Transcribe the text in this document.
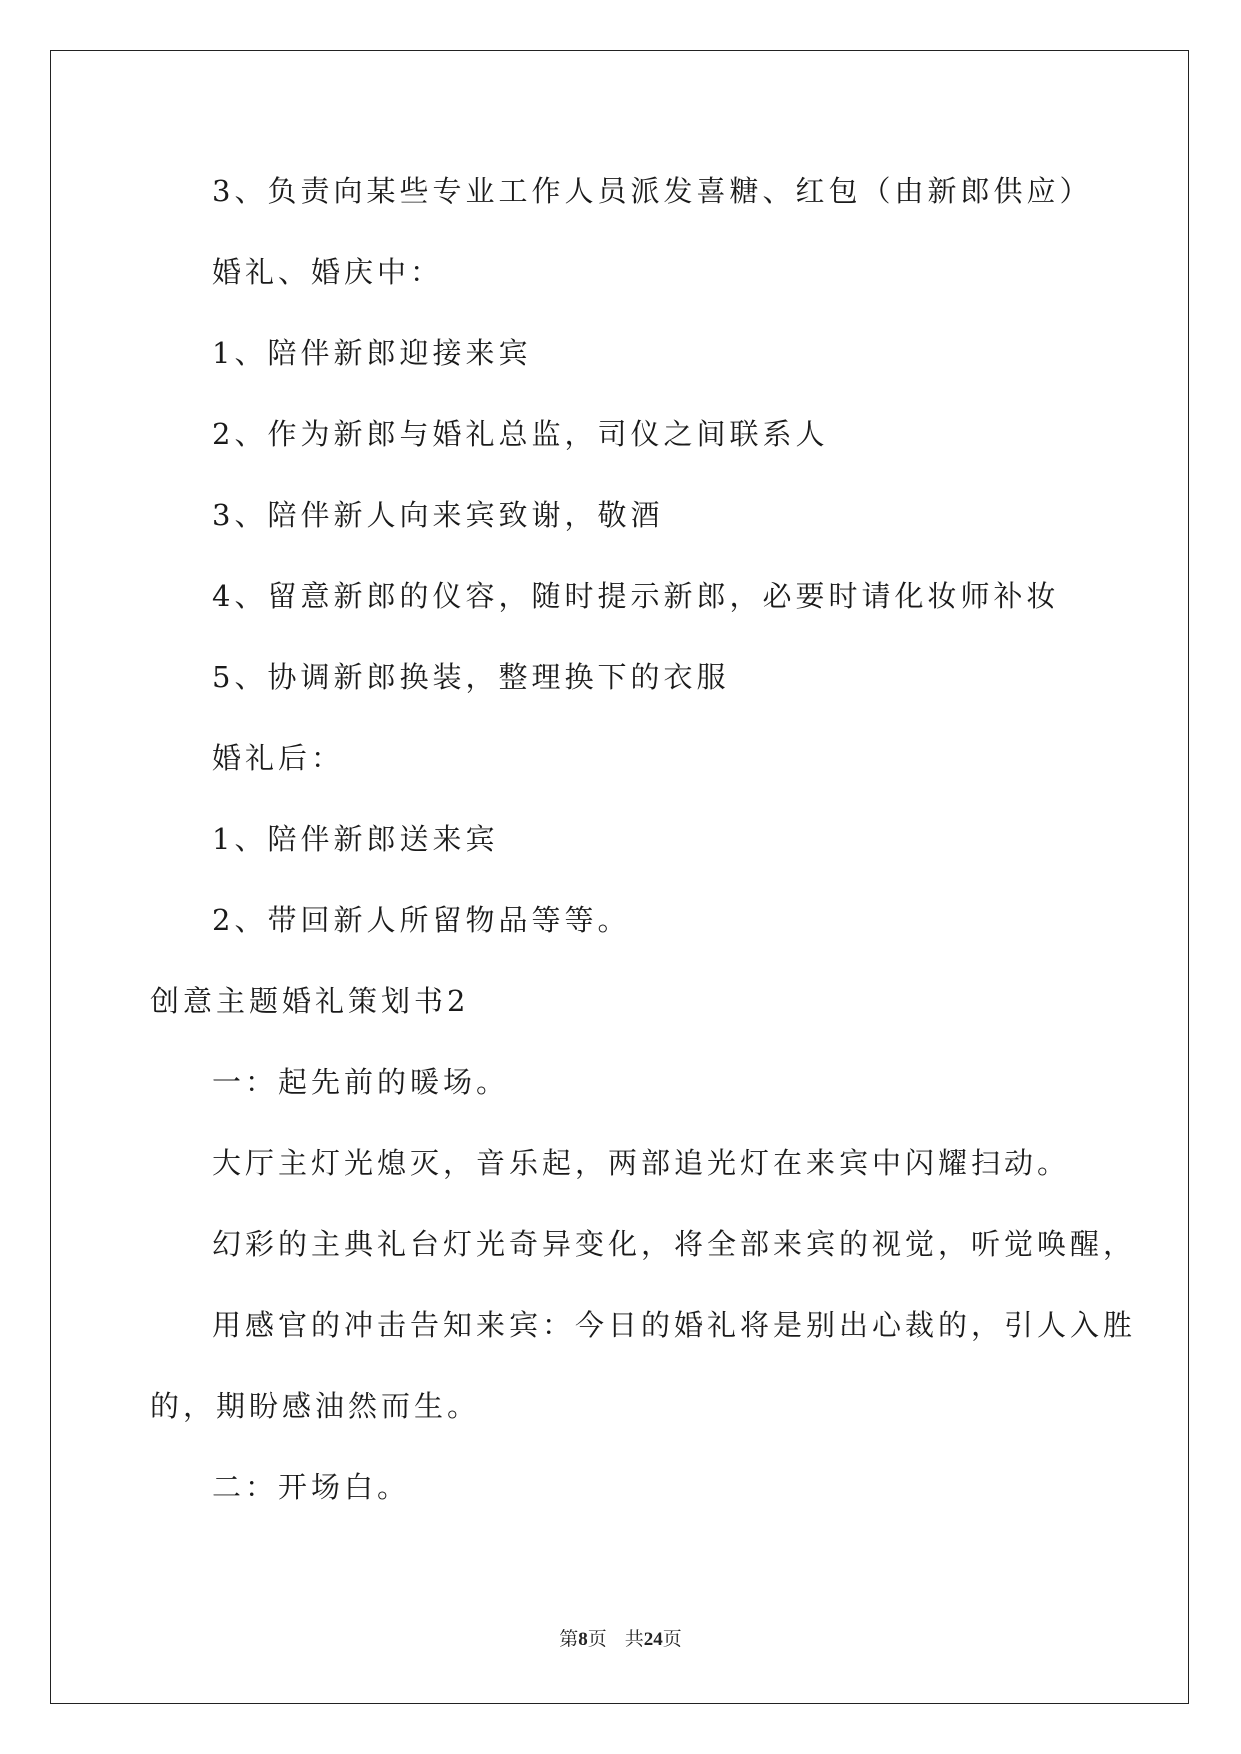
3、负责向某些专业工作人员派发喜糖、红包（由新郎供应）
婚礼、婚庆中：
1、陪伴新郎迎接来宾
2、作为新郎与婚礼总监，司仪之间联系人
3、陪伴新人向来宾致谢，敬酒
4、留意新郎的仪容，随时提示新郎，必要时请化妆师补妆
5、协调新郎换装，整理换下的衣服
婚礼后：
1、陪伴新郎送来宾
2、带回新人所留物品等等。
创意主题婚礼策划书2
一：起先前的暖场。
大厅主灯光熄灭，音乐起，两部追光灯在来宾中闪耀扫动。
幻彩的主典礼台灯光奇异变化，将全部来宾的视觉，听觉唤醒，
用感官的冲击告知来宾：今日的婚礼将是别出心裁的，引人入胜
的，期盼感油然而生。
二：开场白。
第8页 共24页
